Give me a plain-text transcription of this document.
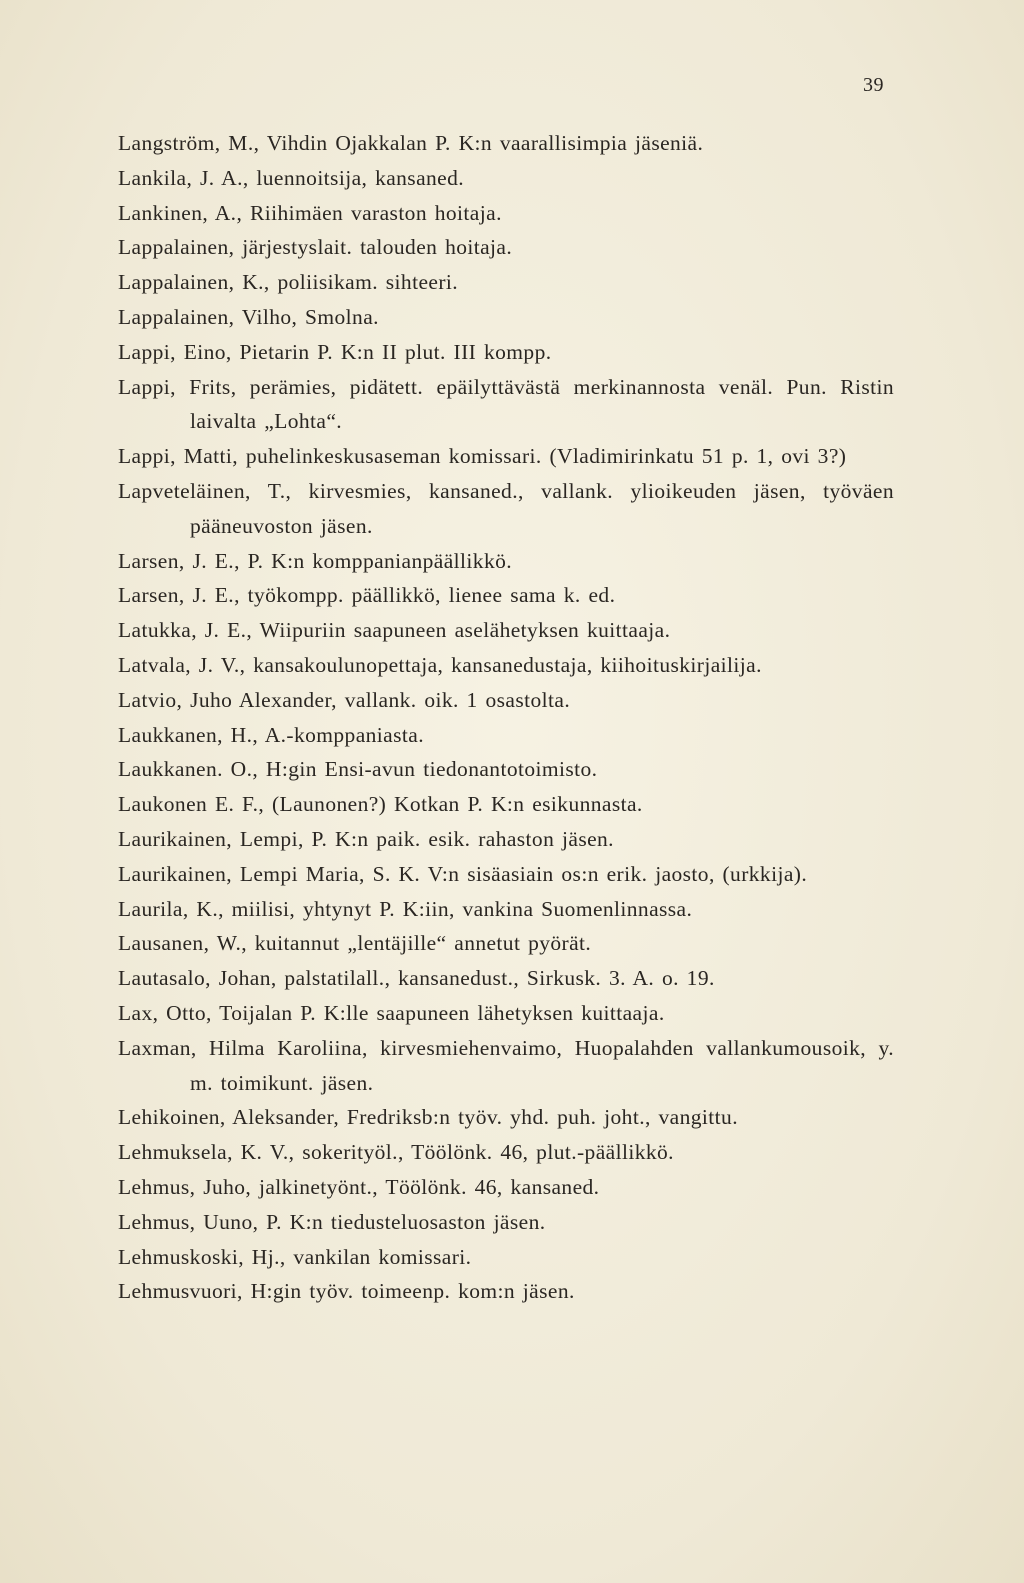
39

Langström, M., Vihdin Ojakkalan P. K:n vaarallisimpia jäseniä.

Lankila, J. A., luennoitsija, kansaned.

Lankinen, A., Riihimäen varaston hoitaja.

Lappalainen, järjestyslait. talouden hoitaja.

Lappalainen, K., poliisikam. sihteeri.

Lappalainen, Vilho, Smolna.

Lappi, Eino, Pietarin P. K:n II plut. III kompp.

Lappi, Frits, perämies, pidätett. epäilyttävästä merkinannosta venäl. Pun. Ristin laivalta „Lohta“.

Lappi, Matti, puhelinkeskusaseman komissari. (Vladimirinkatu 51 p. 1, ovi 3?)

Lapveteläinen, T., kirvesmies, kansaned., vallank. ylioikeuden jäsen, työväen pääneuvoston jäsen.

Larsen, J. E., P. K:n komppanianpäällikkö.

Larsen, J. E., työkompp. päällikkö, lienee sama k. ed.

Latukka, J. E., Wiipuriin saapuneen aselähetyksen kuittaaja.

Latvala, J. V., kansakoulunopettaja, kansanedustaja, kiihoituskirjailija.

Latvio, Juho Alexander, vallank. oik. 1 osastolta.

Laukkanen, H., A.-komppaniasta.

Laukkanen. O., H:gin Ensi-avun tiedonantotoimisto.

Laukonen E. F., (Launonen?) Kotkan P. K:n esikunnasta.

Laurikainen, Lempi, P. K:n paik. esik. rahaston jäsen.

Laurikainen, Lempi Maria, S. K. V:n sisäasiain os:n erik. jaosto, (urkkija).

Laurila, K., miilisi, yhtynyt P. K:iin, vankina Suomenlinnassa.

Lausanen, W., kuitannut „lentäjille“ annetut pyörät.

Lautasalo, Johan, palstatilall., kansanedust., Sirkusk. 3. A. o. 19.

Lax, Otto, Toijalan P. K:lle saapuneen lähetyksen kuittaaja.

Laxman, Hilma Karoliina, kirvesmiehenvaimo, Huopalahden vallankumousoik, y. m. toimikunt. jäsen.

Lehikoinen, Aleksander, Fredriksb:n työv. yhd. puh. joht., vangittu.

Lehmuksela, K. V., sokerityöl., Töölönk. 46, plut.-päällikkö.

Lehmus, Juho, jalkinetyönt., Töölönk. 46, kansaned.

Lehmus, Uuno, P. K:n tiedusteluosaston jäsen.

Lehmuskoski, Hj., vankilan komissari.

Lehmusvuori, H:gin työv. toimeenp. kom:n jäsen.
